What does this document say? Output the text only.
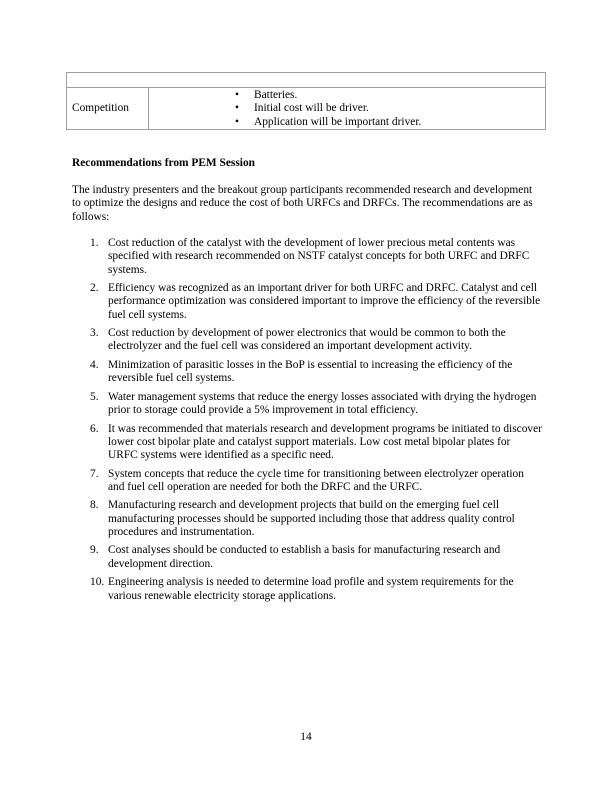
Competition	
• Batteries.
• Initial cost will be driver.
• Application will be important driver.
Recommendations from PEM Session
The industry presenters and the breakout group participants recommended research and development to optimize the designs and reduce the cost of both URFCs and DRFCs. The recommendations are as follows:
1. Cost reduction of the catalyst with the development of lower precious metal contents was specified with research recommended on NSTF catalyst concepts for both URFC and DRFC systems.
2. Efficiency was recognized as an important driver for both URFC and DRFC. Catalyst and cell performance optimization was considered important to improve the efficiency of the reversible fuel cell systems.
3. Cost reduction by development of power electronics that would be common to both the electrolyzer and the fuel cell was considered an important development activity.
4. Minimization of parasitic losses in the BoP is essential to increasing the efficiency of the reversible fuel cell systems.
5. Water management systems that reduce the energy losses associated with drying the hydrogen prior to storage could provide a 5% improvement in total efficiency.
6. It was recommended that materials research and development programs be initiated to discover lower cost bipolar plate and catalyst support materials. Low cost metal bipolar plates for URFC systems were identified as a specific need.
7. System concepts that reduce the cycle time for transitioning between electrolyzer operation and fuel cell operation are needed for both the DRFC and the URFC.
8. Manufacturing research and development projects that build on the emerging fuel cell manufacturing processes should be supported including those that address quality control procedures and instrumentation.
9. Cost analyses should be conducted to establish a basis for manufacturing research and development direction.
10. Engineering analysis is needed to determine load profile and system requirements for the various renewable electricity storage applications.
14
